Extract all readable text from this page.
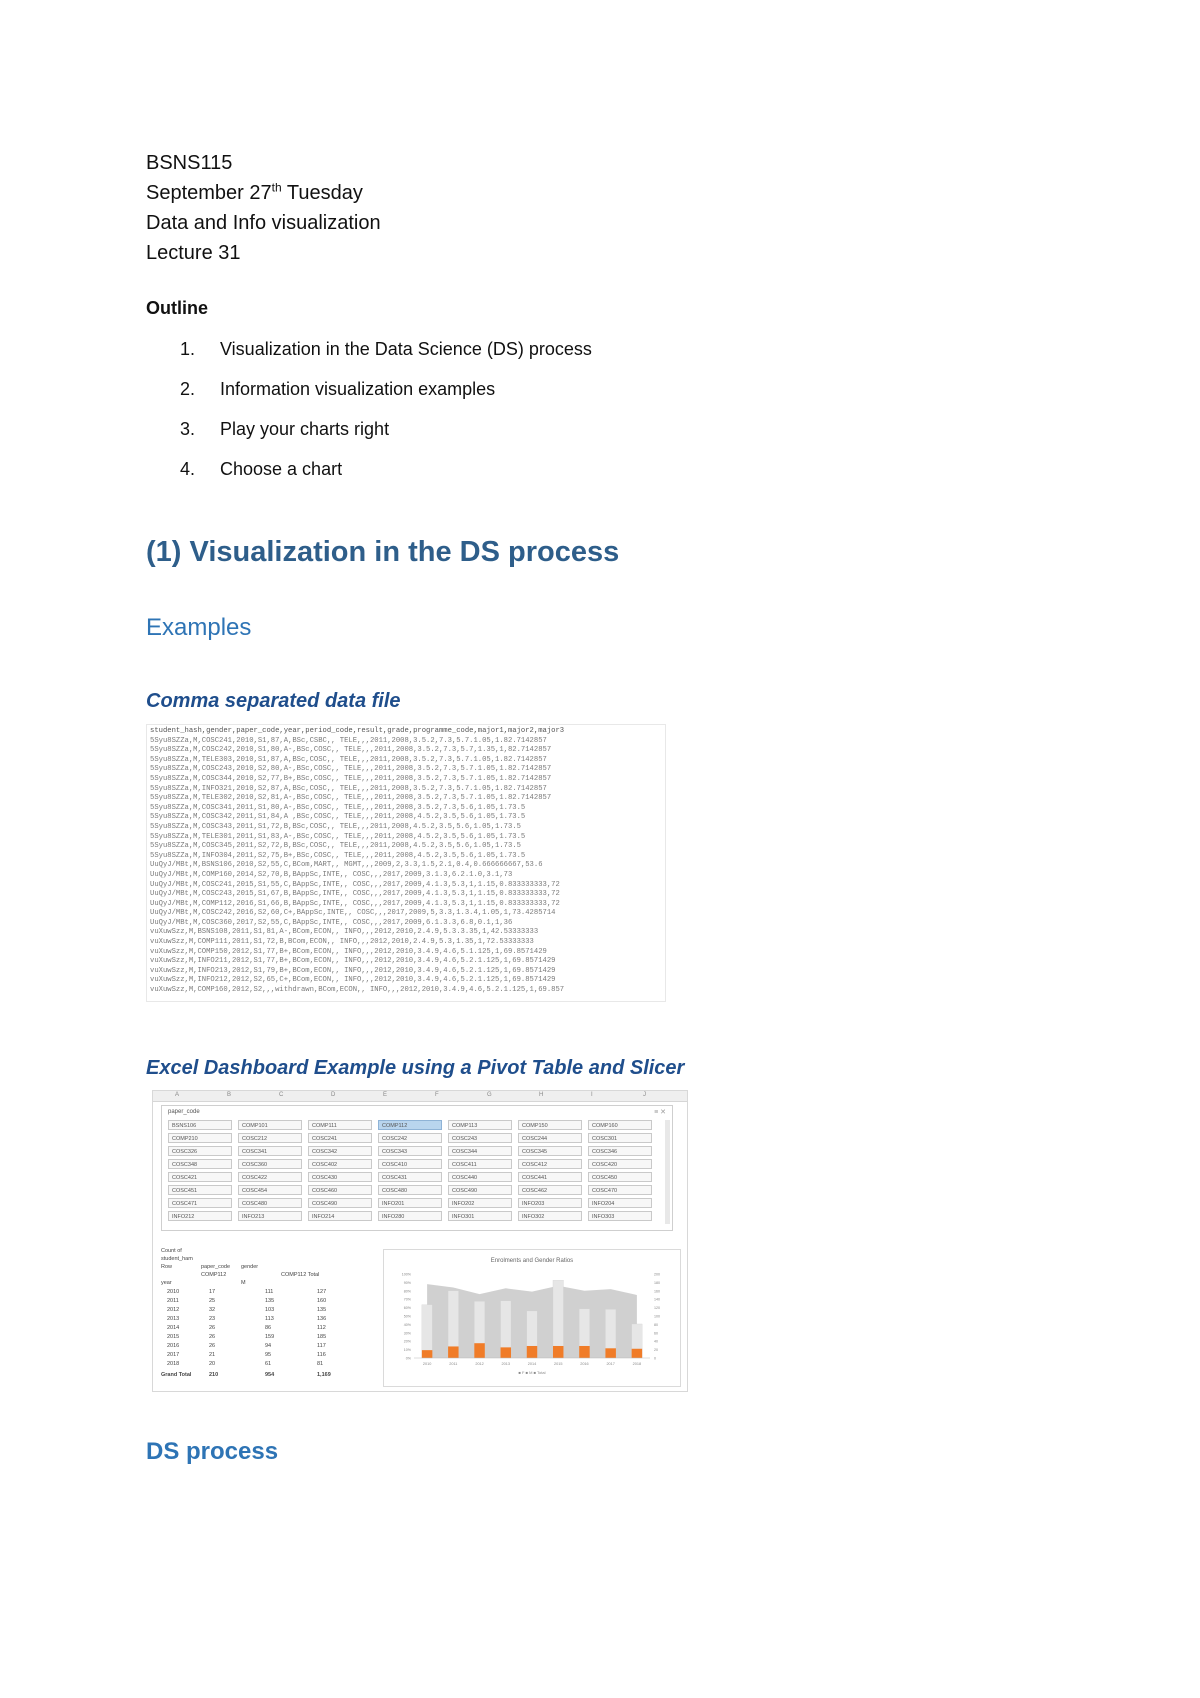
BSNS115
September 27th Tuesday
Data and Info visualization
Lecture 31
Outline
1. Visualization in the Data Science (DS) process
2. Information visualization examples
3. Play your charts right
4. Choose a chart
(1) Visualization in the DS process
Examples
Comma separated data file
student_hash,gender,paper_code,year,period_code,result,grade,programme_code,major1,major2,major3
5Syu8SZZa,M,COSC241,2010,S1,87,A,BSc,CSBC,, TELE,,,2011,2008,3.5.2,7.3,5.7.1.05,1.82.7142857
5Syu8SZZa,M,COSC242,2010,S1,80,A-,BSc,COSC,, TELE,,,2011,2008,3.5.2,7.3,5.7,1.35,1,82.7142857
5Syu8SZZa,M,TELE303,2010,S1,87,A,BSc,COSC,, TELE,,,2011,2008,3.5.2,7.3,5.7.1.05,1.82.7142857
5Syu8SZZa,M,COSC243,2010,S2,80,A-,BSc,COSC,, TELE,,,2011,2008,3.5.2,7.3,5.7.1.05,1.82.7142857
5Syu8SZZa,M,COSC344,2010,S2,77,B+,BSc,COSC,, TELE,,,2011,2008,3.5.2,7.3,5.7.1.05,1.82.7142857
5Syu8SZZa,M,INFO321,2010,S2,87,A,BSc,COSC,, TELE,,,2011,2008,3.5.2,7.3,5.7.1.05,1.82.7142857
5Syu8SZZa,M,TELE302,2010,S2,81,A-,BSc,COSC,, TELE,,,2011,2008,3.5.2,7.3,5.7.1.05,1.82.7142857
5Syu8SZZa,M,COSC341,2011,S1,80,A-,BSc,COSC,, TELE,,,2011,2008,3.5.2,7.3,5.6,1.05,1.73.5
5Syu8SZZa,M,COSC342,2011,S1,84,A ,BSc,COSC,, TELE,,,2011,2008,4.5.2,3.5,5.6,1.05,1.73.5
5Syu8SZZa,M,COSC343,2011,S1,72,B,BSc,COSC,, TELE,,,2011,2008,4.5.2,3.5,5.6,1.05,1.73.5
5Syu8SZZa,M,TELE301,2011,S1,83,A-,BSc,COSC,, TELE,,,2011,2008,4.5.2,3.5,5.6,1.05,1.73.5
5Syu8SZZa,M,COSC345,2011,S2,72,B,BSc,COSC,, TELE,,,2011,2008,4.5.2,3.5,5.6,1.05,1.73.5
5Syu8SZZa,M,INFO304,2011,S2,75,B+,BSc,COSC,, TELE,,,2011,2008,4.5.2,3.5,5.6,1.05,1.73.5
UuQyJ/MBt,M,BSNS106,2010,S2,55,C,BCom,MART,, MGMT,,,2009,2,3.3,1.5,2.1,0.4,0.666666667,53.6
UuQyJ/MBt,M,COMP160,2014,S2,70,B,BAppSc,INTE,, COSC,,,2017,2009,3.1.3,6.2.1.0,3.1,73
UuQyJ/MBt,M,COSC241,2015,S1,55,C,BAppSc,INTE,, COSC,,,2017,2009,4.1.3,5.3,1,1.15,0.833333333,72
UuQyJ/MBt,M,COSC243,2015,S1,67,B,BAppSc,INTE,, COSC,,,2017,2009,4.1.3,5.3,1,1.15,0.833333333,72
UuQyJ/MBt,M,COMP112,2016,S1,66,B,BAppSc,INTE,, COSC,,,2017,2009,4.1.3,5.3,1,1.15,0.833333333,72
UuQyJ/MBt,M,COSC242,2016,S2,60,C+,BAppSc,INTE,, COSC,,,2017,2009,5,3.3,1.3.4,1.05,1,73.4285714
UuQyJ/MBt,M,COSC360,2017,S2,55,C,BAppSc,INTE,, COSC,,,2017,2009,6.1.3.3,6.8,0.1,1,36
vuXuwSzz,M,BSNS108,2011,S1,81,A-,BCom,ECON,, INFO,,,2012,2010,2.4.9,5.3.3.35,1,42.53333333
vuXuwSzz,M,COMP111,2011,S1,72,B,BCom,ECON,, INFO,,,2012,2010,2.4.9,5.3,1.35,1,72.53333333
vuXuwSzz,M,COMP150,2012,S1,77,B+,BCom,ECON,, INFO,,,2012,2010,3.4.9,4.6,5.1.125,1,69.8571429
vuXuwSzz,M,INFO211,2012,S1,77,B+,BCom,ECON,, INFO,,,2012,2010,3.4.9,4.6,5.2.1.125,1,69.8571429
vuXuwSzz,M,INFO213,2012,S1,79,B+,BCom,ECON,, INFO,,,2012,2010,3.4.9,4.6,5.2.1.125,1,69.8571429
vuXuwSzz,M,INFO212,2012,S2,65,C+,BCom,ECON,, INFO,,,2012,2010,3.4.9,4.6,5.2.1.125,1,69.8571429
vuXuwSzz,M,COMP160,2012,S2,,,withdrawn,BCom,ECON,, INFO,,,2012,2010,3.4.9,4.6,5.2.1.125,1,69.857
Excel Dashboard Example using a Pivot Table and Slicer
A	B	C	D	E	F	G	H	I	J
paper_code	≡ ✕
BSNS106	COMP101	COMP111	COMP112	COMP113	COMP150	COMP160
COMP210	COSC212	COSC241	COSC242	COSC243	COSC244	COSC301
COSC326	COSC341	COSC342	COSC343	COSC344	COSC345	COSC346
COSC348	COSC360	COSC402	COSC410	COSC411	COSC412	COSC420
COSC421	COSC422	COSC430	COSC431	COSC440	COSC441	COSC450
COSC451	COSC454	COSC460	COSC480	COSC490	COSC462	COSC470
COSC471	COSC480	COSC490	INFO201	INFO202	INFO203	INFO204
INFO212	INFO213	INFO214	INFO280	INFO301	INFO302	INFO303
Count of
student_ham
Row	paper_code gender
COMP112	COMP112 Total
year	M
2010	17	111	127
2011	25	135	160
2012	32	103	135
2013	23	113	136
2014	26	86	112
2015	26	159	185
2016	26	94	117
2017	21	95	116
2018	20	61	81
Grand Total	210	954	1,169
Enrolments and Gender Ratios
0%
10%
20%
30%
40%
50%
60%
70%
80%
90%
100%
0
20
40
60
80
100
120
140
160
180
200
2010	2011	2012	2013	2014	2015	2016	2017	2018
■ F ■ M ■ Total
DS process
